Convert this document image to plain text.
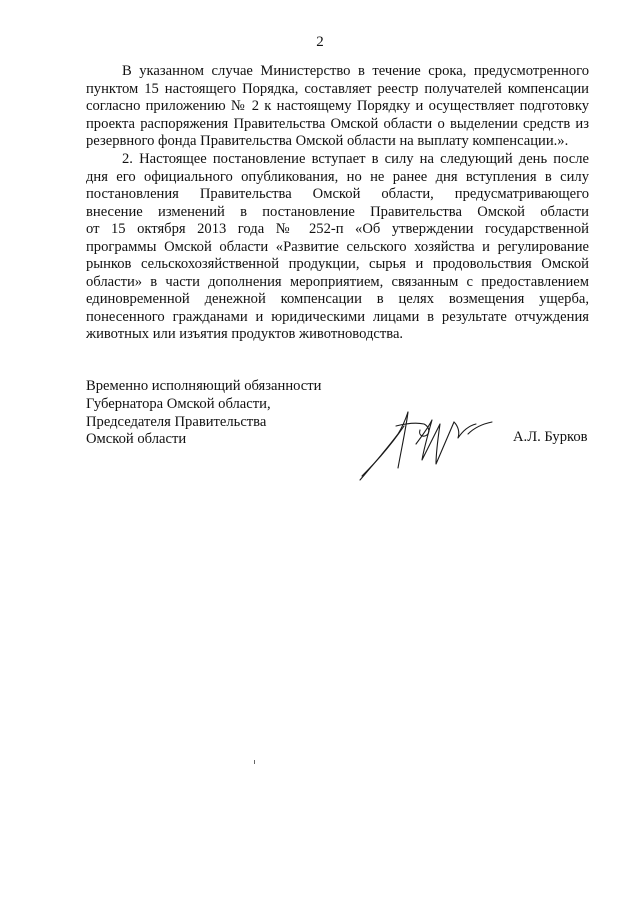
2
В указанном случае Министерство в течение срока, предусмотренного
пунктом 15 настоящего Порядка, составляет реестр получателей компенсации
согласно приложению № 2 к настоящему Порядку и осуществляет подготовку
проекта распоряжения Правительства Омской области о выделении средств из
резервного фонда Правительства Омской области на выплату компенсации.».
2. Настоящее постановление вступает в силу на следующий день после
дня его официального опубликования, но не ранее дня вступления в силу
постановления Правительства Омской области, предусматривающего
внесение изменений в постановление Правительства Омской области
от 15 октября 2013 года № 252-п «Об утверждении государственной
программы Омской области «Развитие сельского хозяйства и регулирование
рынков сельскохозяйственной продукции, сырья и продовольствия Омской
области» в части дополнения мероприятием, связанным с предоставлением
единовременной денежной компенсации в целях возмещения ущерба,
понесенного гражданами и юридическими лицами в результате отчуждения
животных или изъятия продуктов животноводства.
Временно исполняющий обязанности
Губернатора Омской области,
Председателя Правительства
Омской области	А.Л. Бурков
